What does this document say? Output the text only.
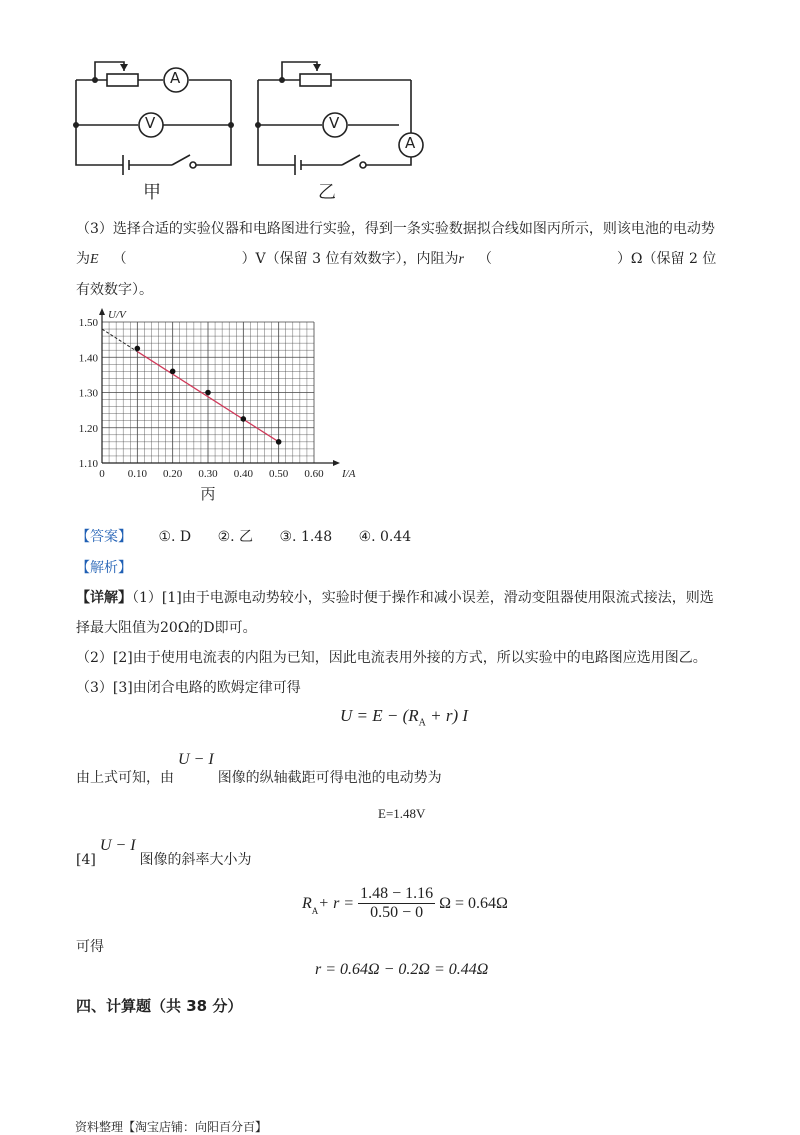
A
V	V
A
甲	乙
（3）选择合适的实验仪器和电路图进行实验，得到一条实验数据拟合线如图丙所示，则该电池的电动势
为E （	）V（保留 3 位有效数字），内阻为r （	）Ω（保留 2 位
有效数字）。
0 0.10 0.20 0.30 0.40 0.50 0.60
1.10
1.20
1.30
1.40
1.50
I/A
U/V
丙
【答案】 ①. D ②. 乙 ③. 1.48 ④. 0.44
【解析】
【详解】（1）[1]由于电源电动势较小，实验时便于操作和减小误差，滑动变阻器使用限流式接法，则选
择最大阻值为20Ω的D即可。
（2）[2]由于使用电流表的内阻为已知，因此电流表用外接的方式，所以实验中的电路图应选用图乙。
（3）[3]由闭合电路的欧姆定律可得
$U = E - (R_A + r)$ I
由上式可知，由U − I图像的纵轴截距可得电池的电动势为
E=1.48V
[4]U − I图像的斜率大小为
$R_A + r = \frac{1.48 - 1.16}{0.50 - 0}$ Ω = 0.64Ω
可得
r = 0.64Ω − 0.2Ω = 0.44Ω
四、计算题（共 38 分）
资料整理【淘宝店铺：向阳百分百】
